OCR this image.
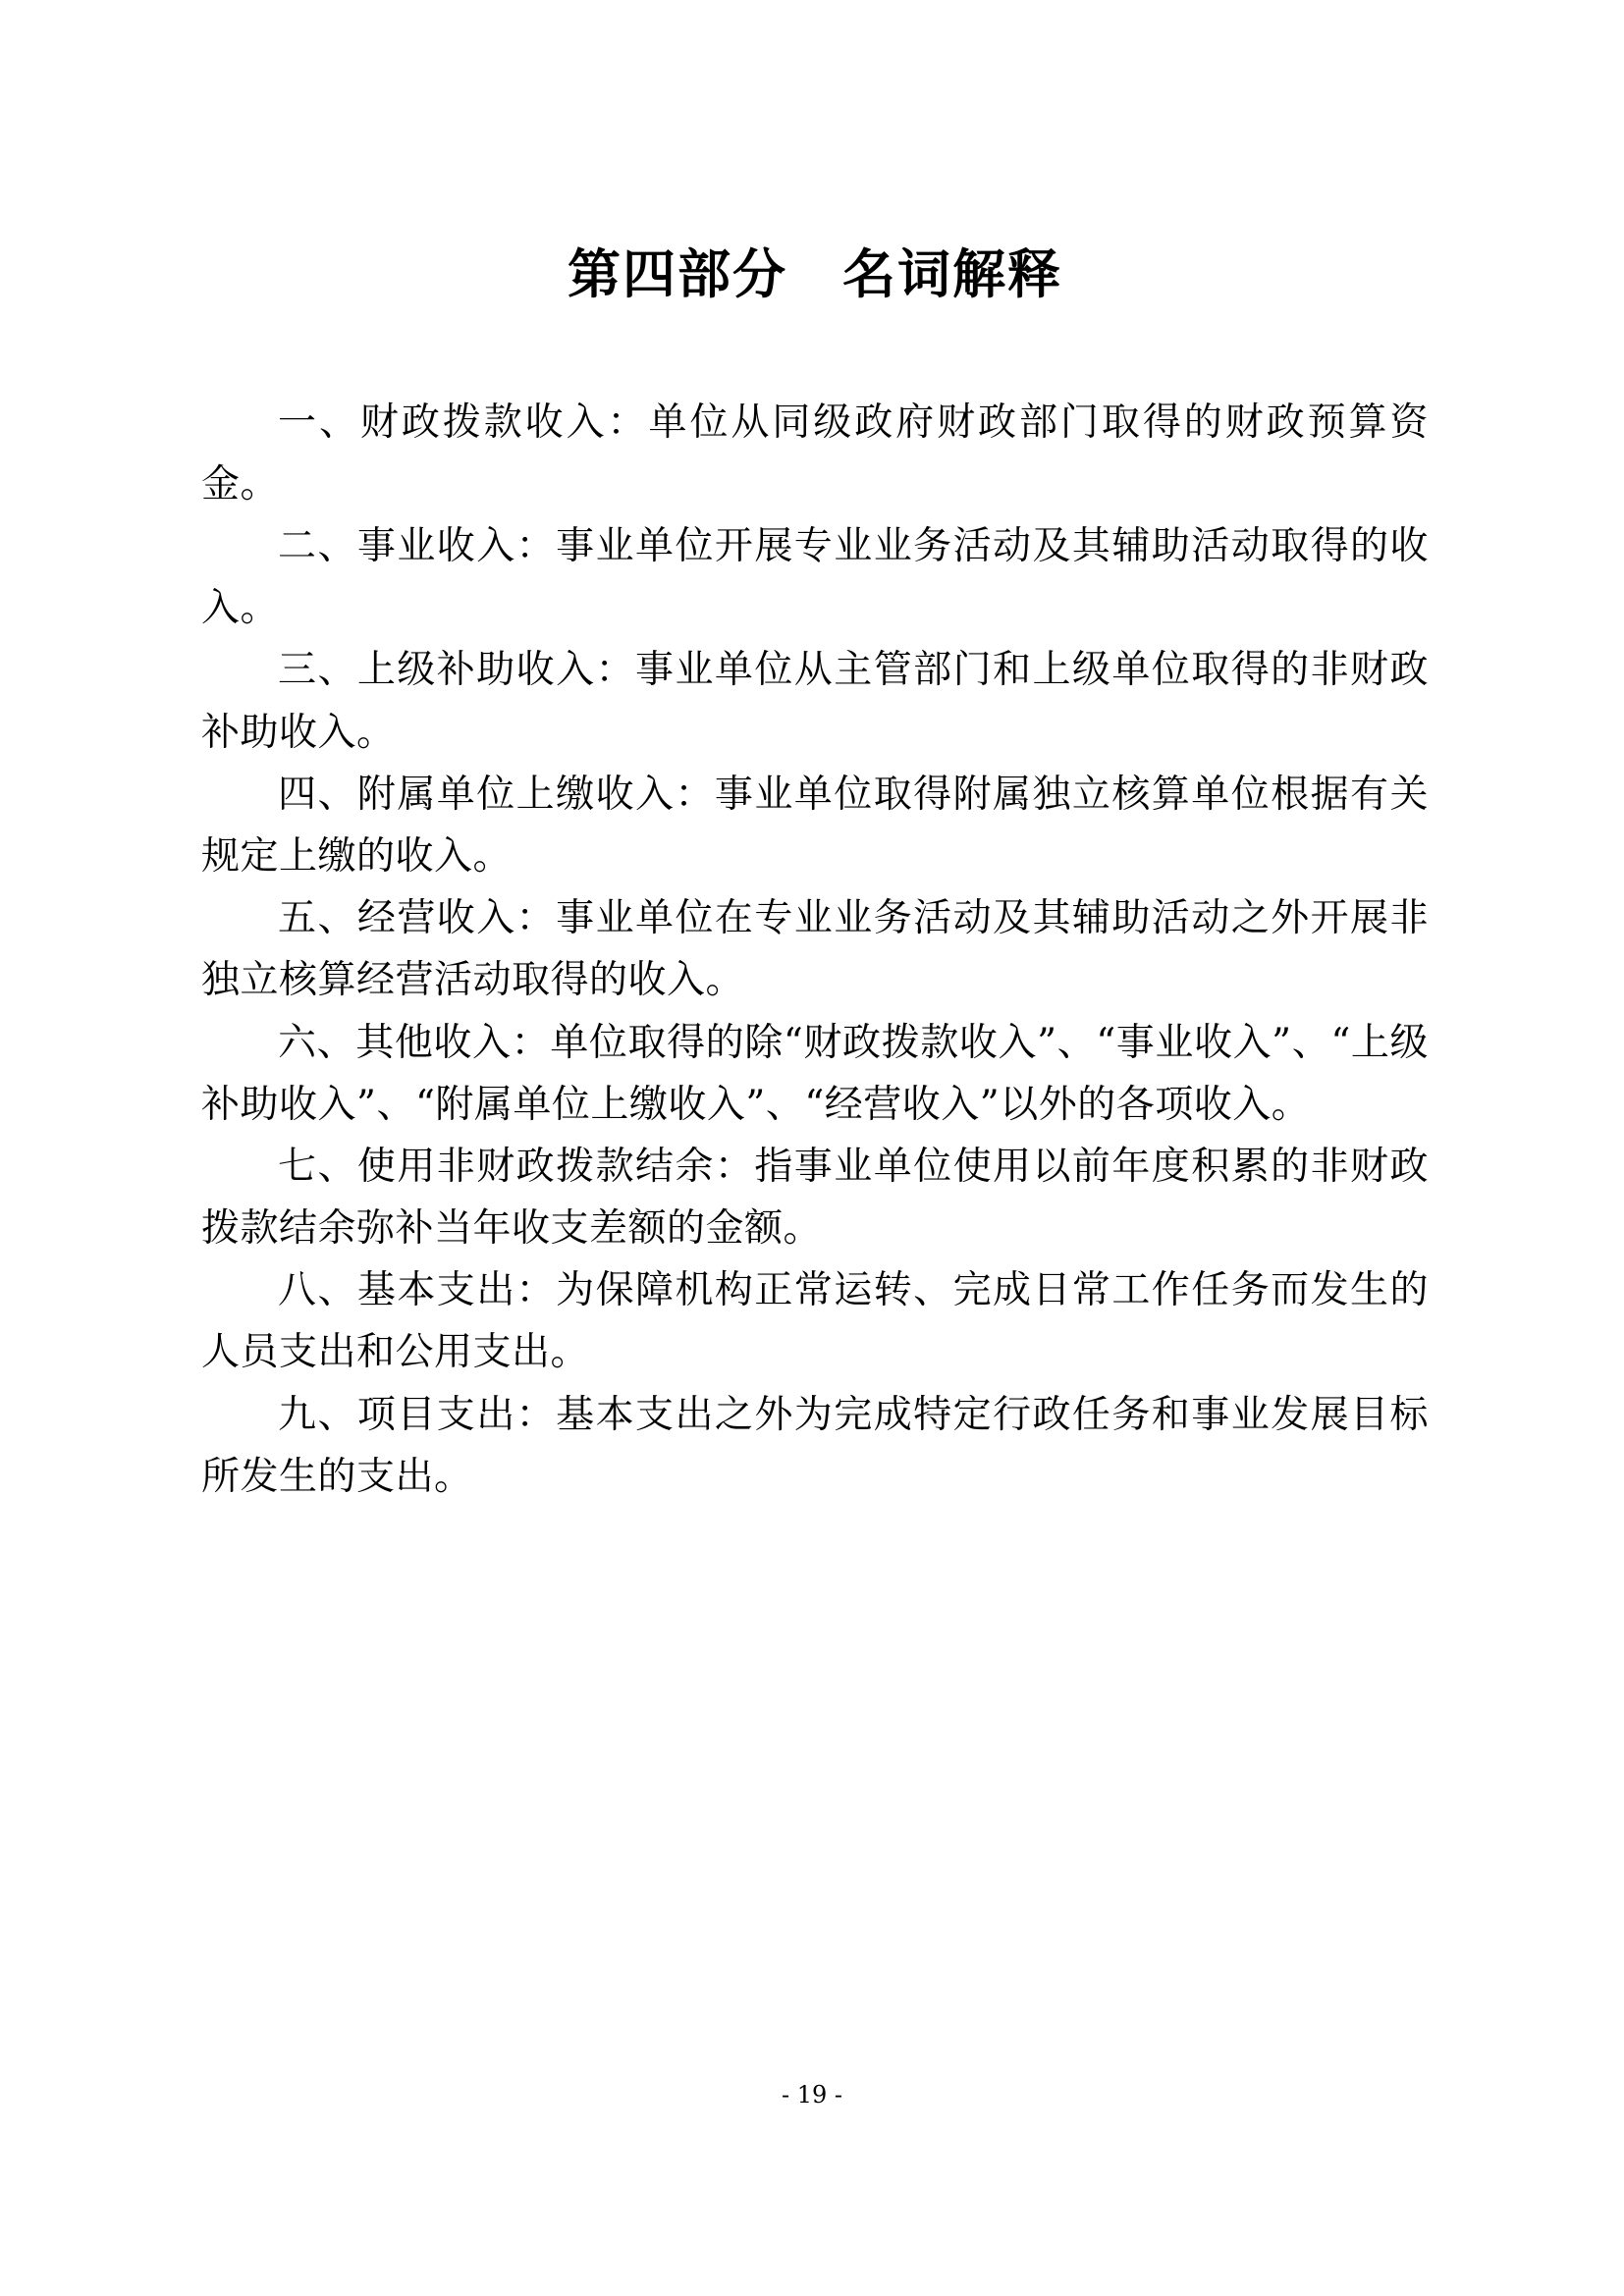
第四部分　名词解释

一、财政拨款收入：单位从同级政府财政部门取得的财政预算资金。

二、事业收入：事业单位开展专业业务活动及其辅助活动取得的收入。

三、上级补助收入：事业单位从主管部门和上级单位取得的非财政补助收入。

四、附属单位上缴收入：事业单位取得附属独立核算单位根据有关规定上缴的收入。

五、经营收入：事业单位在专业业务活动及其辅助活动之外开展非独立核算经营活动取得的收入。

六、其他收入：单位取得的除“财政拨款收入”、“事业收入”、“上级补助收入”、“附属单位上缴收入”、“经营收入”以外的各项收入。

七、使用非财政拨款结余：指事业单位使用以前年度积累的非财政拨款结余弥补当年收支差额的金额。

八、基本支出：为保障机构正常运转、完成日常工作任务而发生的人员支出和公用支出。

九、项目支出：基本支出之外为完成特定行政任务和事业发展目标所发生的支出。

- 19 -
